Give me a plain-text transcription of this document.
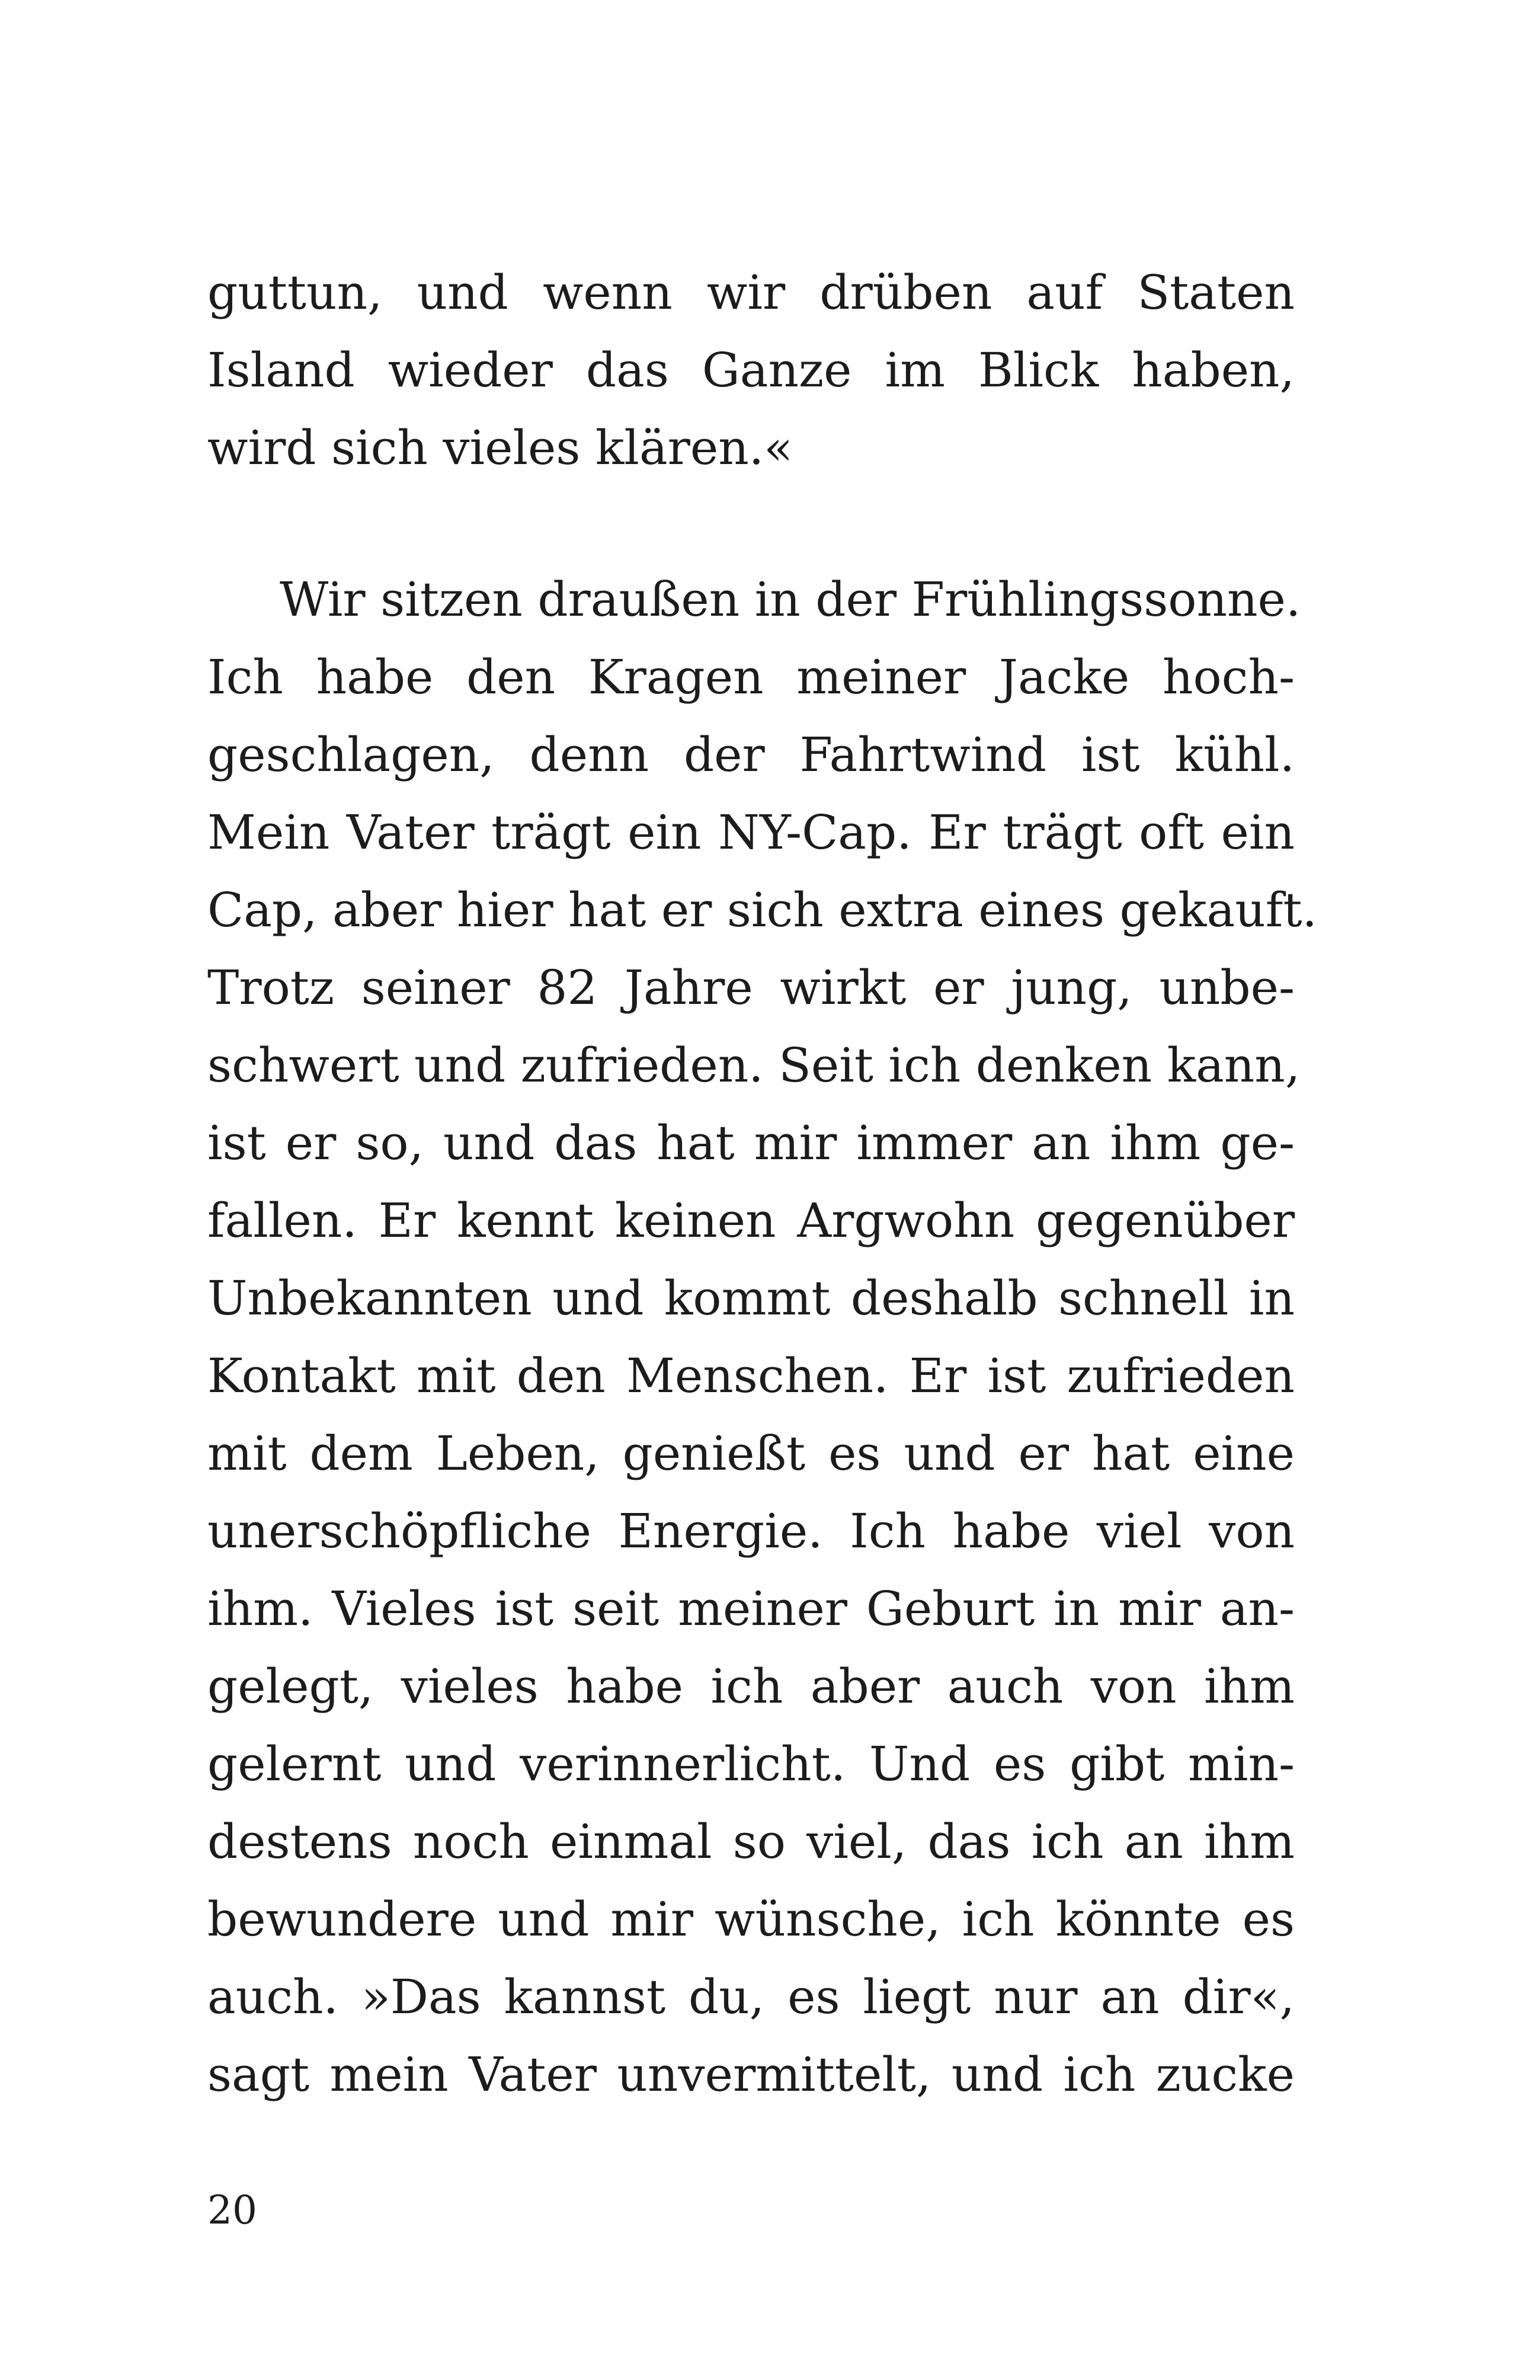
guttun, und wenn wir drüben auf Staten
Island wieder das Ganze im Blick haben,
wird sich vieles klären.«
Wir sitzen draußen in der Frühlingssonne.
Ich habe den Kragen meiner Jacke hoch-
geschlagen, denn der Fahrtwind ist kühl.
Mein Vater trägt ein NY-Cap. Er trägt oft ein
Cap, aber hier hat er sich extra eines gekauft.
Trotz seiner 82 Jahre wirkt er jung, unbe-
schwert und zufrieden. Seit ich denken kann,
ist er so, und das hat mir immer an ihm ge-
fallen. Er kennt keinen Argwohn gegenüber
Unbekannten und kommt deshalb schnell in
Kontakt mit den Menschen. Er ist zufrieden
mit dem Leben, genießt es und er hat eine
unerschöpfliche Energie. Ich habe viel von
ihm. Vieles ist seit meiner Geburt in mir an-
gelegt, vieles habe ich aber auch von ihm
gelernt und verinnerlicht. Und es gibt min-
destens noch einmal so viel, das ich an ihm
bewundere und mir wünsche, ich könnte es
auch. »Das kannst du, es liegt nur an dir«,
sagt mein Vater unvermittelt, und ich zucke
20
